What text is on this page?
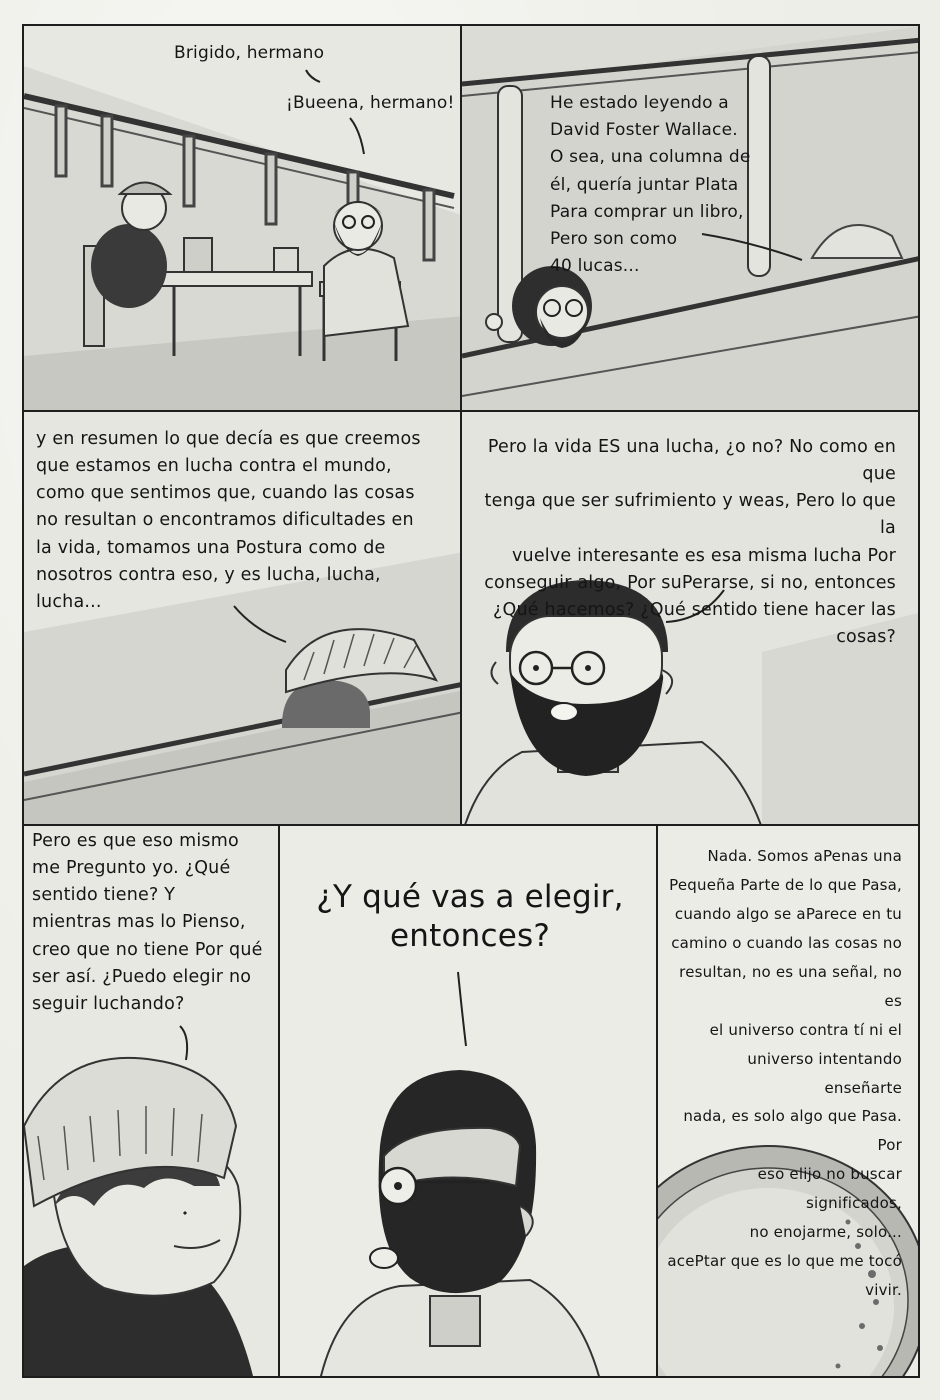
Brigido, hermano
¡Bueena, hermano!	He estado leyendo a
David Foster Wallace.
O sea, una columna de
él, quería juntar Plata
Para comprar un libro,
Pero son como
40 lucas...
y en resumen lo que decía es que creemos
que estamos en lucha contra el mundo,
como que sentimos que, cuando las cosas
no resultan o encontramos dificultades en
la vida, tomamos una Postura como de
nosotros contra eso, y es lucha, lucha,
lucha...
Pero la vida ES una lucha, ¿o no? No como en que
tenga que ser sufrimiento y weas, Pero lo que la
vuelve interesante es esa misma lucha Por
conseguir algo, Por suPerarse, si no, entonces
¿Qué hacemos? ¿Qué sentido tiene hacer las
cosas?
Pero es que eso mismo
me Pregunto yo. ¿Qué
sentido tiene? Y
mientras mas lo Pienso,
creo que no tiene Por qué
ser así. ¿Puedo elegir no
seguir luchando?
¿Y qué vas a elegir,
entonces?
Nada. Somos aPenas una
Pequeña Parte de lo que Pasa,
cuando algo se aParece en tu
camino o cuando las cosas no
resultan, no es una señal, no es
el universo contra tí ni el
universo intentando enseñarte
nada, es solo algo que Pasa. Por
eso elijo no buscar significados,
no enojarme, solo...
acePtar que es lo que me tocó
vivir.
